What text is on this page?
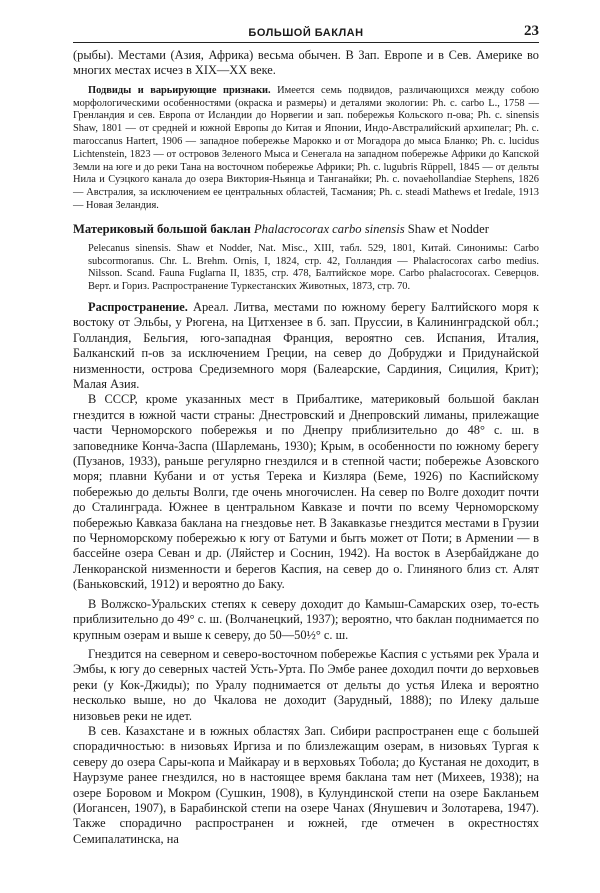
БОЛЬШОЙ БАКЛАН	23

(рыбы). Местами (Азия, Африка) весьма обычен. В Зап. Европе и в Сев. Америке во многих местах исчез в XIX—XX веке.

Подвиды и варьирующие признаки. Имеется семь подвидов, различающихся между собою морфологическими особенностями (окраска и размеры) и деталями экологии: Ph. c. carbo L., 1758 — Гренландия и сев. Европа от Исландии до Норвегии и зап. побережья Кольского п-ова; Ph. c. sinensis Shaw, 1801 — от средней и южной Европы до Китая и Японии, Индо-Австралийский архипелаг; Ph. c. maroccanus Hartert, 1906 — западное побережье Марокко и от Могадора до мыса Бланко; Ph. c. lucidus Lichtenstein, 1823 — от островов Зеленого Мыса и Сенегала на западном побережье Африки до Капской Земли на юге и до реки Тана на восточном побережье Африки; Ph. c. lugubris Rüppell, 1845 — от дельты Нила и Суэцкого канала до озера Виктория-Ньянца и Танганайки; Ph. c. novaehollandiae Stephens, 1826 — Австралия, за исключением ее центральных областей, Тасмания; Ph. c. steadi Mathews et Iredale, 1913 — Новая Зеландия.

Материковый большой баклан Phalacrocorax carbo sinensis Shaw et Nodder

Pelecanus sinensis. Shaw et Nodder, Nat. Misc., XIII, табл. 529, 1801, Китай. Синонимы: Carbo subcormoranus. Chr. L. Brehm. Ornis, I, 1824, стр. 42, Голландия — Phalacrocorax carbo medius. Nilsson. Scand. Fauna Fuglarna II, 1835, стр. 478, Балтийское море. Carbo phalacrocorax. Северцов. Верт. и Гориз. Распространение Туркестанских Животных, 1873, стр. 70.

Распространение. Ареал. Литва, местами по южному берегу Балтийского моря к востоку от Эльбы, у Рюгена, на Цитхензее в б. зап. Пруссии, в Калининградской обл.; Голландия, Бельгия, юго-западная Франция, вероятно сев. Испания, Италия, Балканский п-ов за исключением Греции, на север до Добруджи и Придунайской низменности, острова Средиземного моря (Балеарские, Сардиния, Сицилия, Крит); Малая Азия.

В СССР, кроме указанных мест в Прибалтике, материковый большой баклан гнездится в южной части страны: Днестровский и Днепровский лиманы, прилежащие части Черноморского побережья и по Днепру приблизительно до 48° с. ш. в заповеднике Конча-Заспа (Шарлемань, 1930); Крым, в особенности по южному берегу (Пузанов, 1933), раньше регулярно гнездился и в степной части; побережье Азовского моря; плавни Кубани и от устья Терека и Кизляра (Беме, 1926) по Каспийскому побережью до дельты Волги, где очень многочислен. На север по Волге доходит почти до Сталинграда. Южнее в центральном Кавказе и почти по всему Черноморскому побережью Кавказа баклана на гнездовье нет. В Закавказье гнездится местами в Грузии по Черноморскому побережью к югу от Батуми и быть может от Поти; в Армении — в бассейне озера Севан и др. (Ляйстер и Соснин, 1942). На восток в Азербайджане до Ленкоранской низменности и берегов Каспия, на север до о. Глиняного близ ст. Алят (Баньковский, 1912) и вероятно до Баку.

В Волжско-Уральских степях к северу доходит до Камыш-Самарских озер, то-есть приблизительно до 49° с. ш. (Волчанецкий, 1937); вероятно, что баклан поднимается по крупным озерам и выше к северу, до 50—50½° с. ш.

Гнездится на северном и северо-восточном побережье Каспия с устьями рек Урала и Эмбы, к югу до северных частей Усть-Урта. По Эмбе ранее доходил почти до верховьев реки (у Кок-Джиды); по Уралу поднимается от дельты до устья Илека и вероятно несколько выше, но до Чкалова не доходит (Зарудный, 1888); по Илеку дальше низовьев реки не идет.

В сев. Казахстане и в южных областях Зап. Сибири распространен еще с большей спорадичностью: в низовьях Иргиза и по близлежащим озерам, в низовьях Тургая к северу до озера Сары-копа и Майкарау и в верховьях Тобола; до Кустаная не доходит, в Наурзуме ранее гнездился, но в настоящее время баклана там нет (Михеев, 1938); на озере Боровом и Мокром (Сушкин, 1908), в Кулундинской степи на озере Бакланьем (Иогансен, 1907), в Барабинской степи на озере Чанах (Янушевич и Золотарева, 1947). Также спорадично распространен и южней, где отмечен в окрестностях Семипалатинска, на
